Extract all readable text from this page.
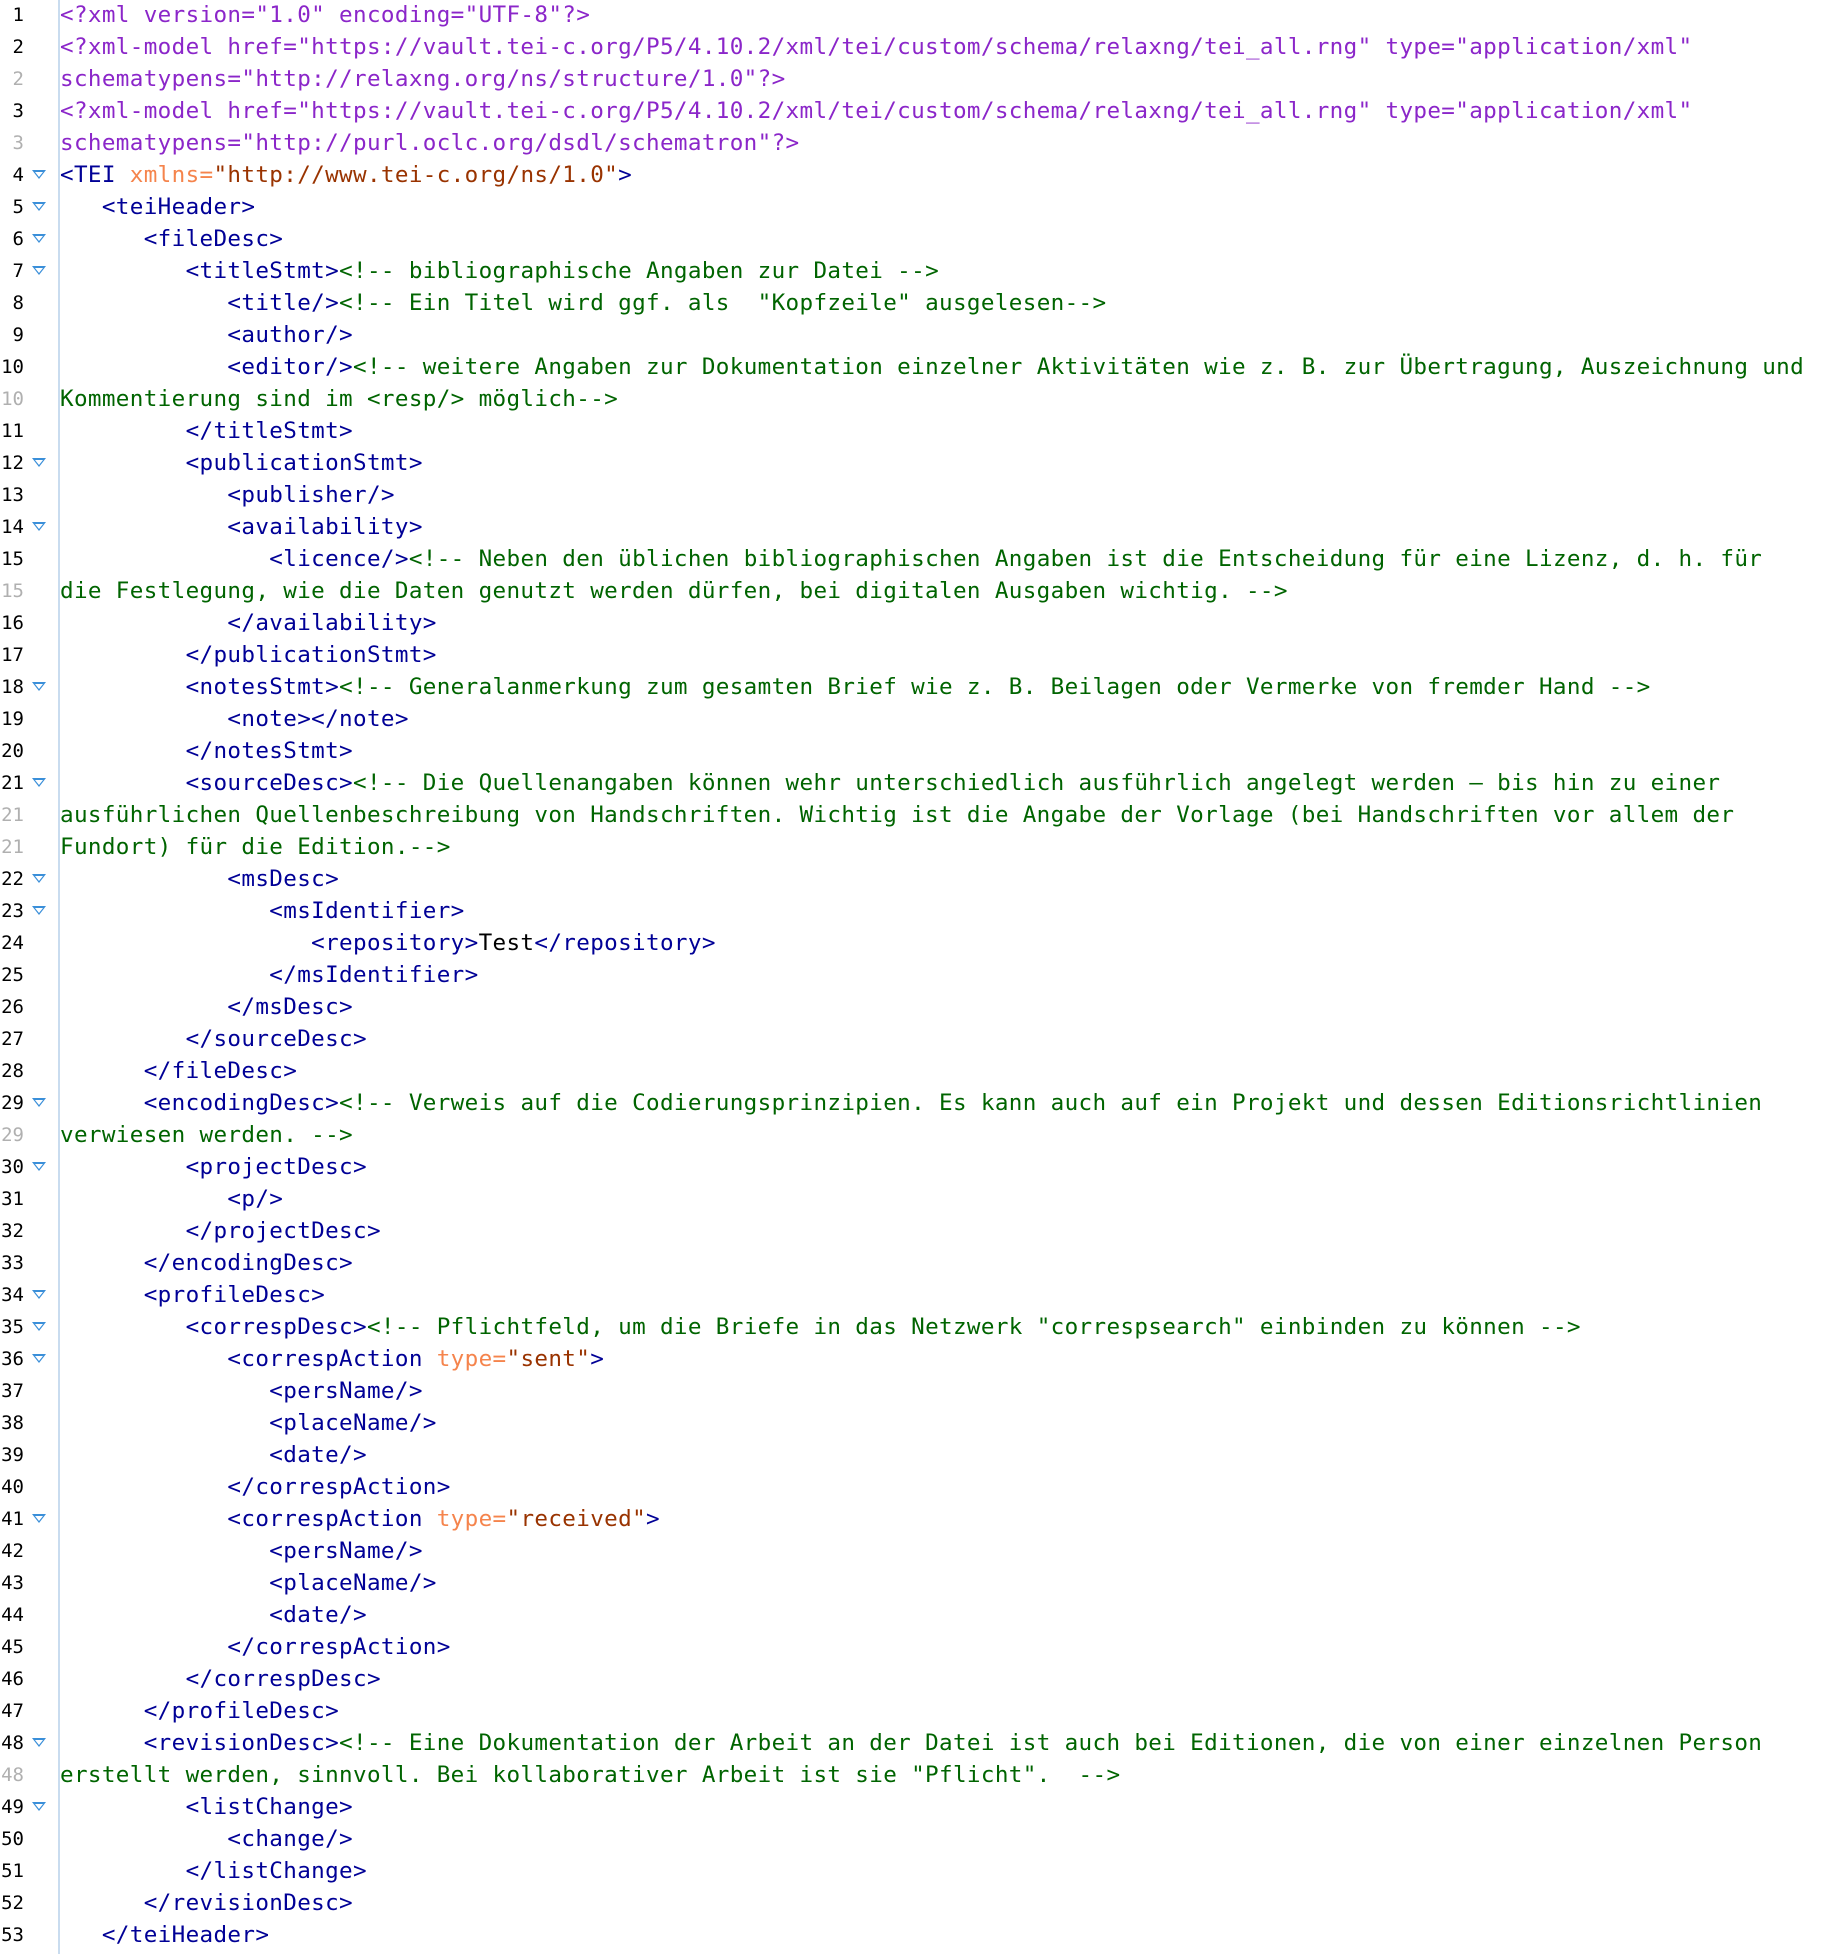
1 <?xml version="1.0" encoding="UTF-8"?>
2 <?xml-model href="https://vault.tei-c.org/P5/4.10.2/xml/tei/custom/schema/relaxng/tei_all.rng" type="application/xml"
2 schematypens="http://relaxng.org/ns/structure/1.0"?>
3 <?xml-model href="https://vault.tei-c.org/P5/4.10.2/xml/tei/custom/schema/relaxng/tei_all.rng" type="application/xml"
3 schematypens="http://purl.oclc.org/dsdl/schematron"?>
4 <TEI xmlns="http://www.tei-c.org/ns/1.0">
5 <teiHeader>
6 <fileDesc>
7 <titleStmt><!-- bibliographische Angaben zur Datei -->
8 <title/><!-- Ein Titel wird ggf. als  "Kopfzeile" ausgelesen-->
9 <author/>
10 <editor/><!-- weitere Angaben zur Dokumentation einzelner Aktivitäten wie z. B. zur Übertragung, Auszeichnung und
10 Kommentierung sind im <resp/> möglich-->
11 </titleStmt>
12 <publicationStmt>
13 <publisher/>
14 <availability>
15 <licence/><!-- Neben den üblichen bibliographischen Angaben ist die Entscheidung für eine Lizenz, d. h. für
15 die Festlegung, wie die Daten genutzt werden dürfen, bei digitalen Ausgaben wichtig. -->
16 </availability>
17 </publicationStmt>
18 <notesStmt><!-- Generalanmerkung zum gesamten Brief wie z. B. Beilagen oder Vermerke von fremder Hand -->
19 <note></note>
20 </notesStmt>
21 <sourceDesc><!-- Die Quellenangaben können wehr unterschiedlich ausführlich angelegt werden – bis hin zu einer
21 ausführlichen Quellenbeschreibung von Handschriften. Wichtig ist die Angabe der Vorlage (bei Handschriften vor allem der
21 Fundort) für die Edition.-->
22 <msDesc>
23 <msIdentifier>
24 <repository>Test</repository>
25 </msIdentifier>
26 </msDesc>
27 </sourceDesc>
28 </fileDesc>
29 <encodingDesc><!-- Verweis auf die Codierungsprinzipien. Es kann auch auf ein Projekt und dessen Editionsrichtlinien
29 verwiesen werden. -->
30 <projectDesc>
31 <p/>
32 </projectDesc>
33 </encodingDesc>
34 <profileDesc>
35 <correspDesc><!-- Pflichtfeld, um die Briefe in das Netzwerk "correspsearch" einbinden zu können -->
36 <correspAction type="sent">
37 <persName/>
38 <placeName/>
39 <date/>
40 </correspAction>
41 <correspAction type="received">
42 <persName/>
43 <placeName/>
44 <date/>
45 </correspAction>
46 </correspDesc>
47 </profileDesc>
48 <revisionDesc><!-- Eine Dokumentation der Arbeit an der Datei ist auch bei Editionen, die von einer einzelnen Person
48 erstellt werden, sinnvoll. Bei kollaborativer Arbeit ist sie "Pflicht".  -->
49 <listChange>
50 <change/>
51 </listChange>
52 </revisionDesc>
53 </teiHeader>
